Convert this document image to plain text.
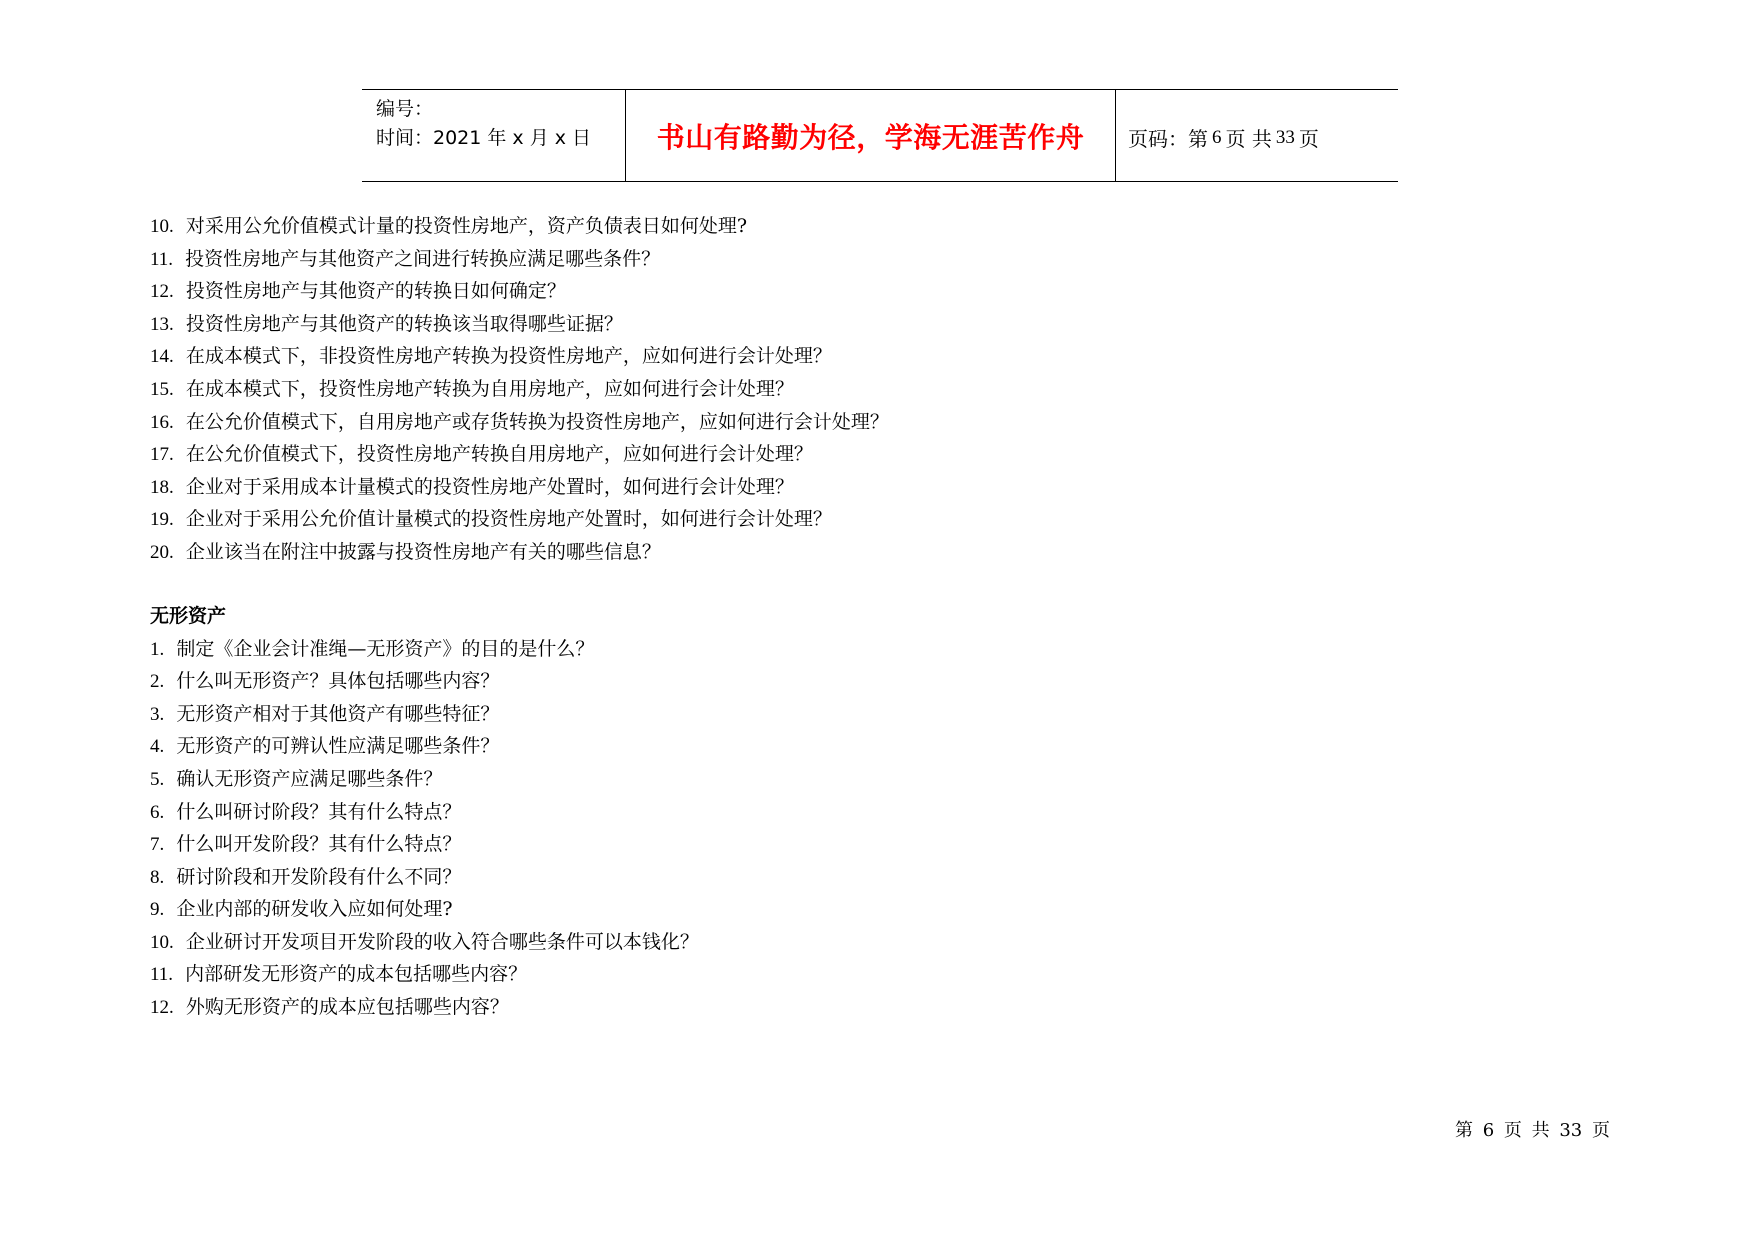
编号：
时间：2021 年 x 月 x 日	书山有路勤为径，学海无涯苦作舟 页码：第 6 页 共 33 页
10. 对采用公允价值模式计量的投资性房地产，资产负债表日如何处理?
11. 投资性房地产与其他资产之间进行转换应满足哪些条件？
12. 投资性房地产与其他资产的转换日如何确定？
13. 投资性房地产与其他资产的转换该当取得哪些证据？
14. 在成本模式下，非投资性房地产转换为投资性房地产，应如何进行会计处理？
15. 在成本模式下，投资性房地产转换为自用房地产，应如何进行会计处理？
16. 在公允价值模式下，自用房地产或存货转换为投资性房地产，应如何进行会计处理？
17. 在公允价值模式下，投资性房地产转换自用房地产，应如何进行会计处理？
18. 企业对于采用成本计量模式的投资性房地产处置时，如何进行会计处理？
19. 企业对于采用公允价值计量模式的投资性房地产处置时，如何进行会计处理？
20. 企业该当在附注中披露与投资性房地产有关的哪些信息？
无形资产
1. 制定《企业会计准绳—无形资产》的目的是什么？
2. 什么叫无形资产？具体包括哪些内容？
3. 无形资产相对于其他资产有哪些特征？
4. 无形资产的可辨认性应满足哪些条件？
5. 确认无形资产应满足哪些条件？
6. 什么叫研讨阶段？其有什么特点？
7. 什么叫开发阶段？其有什么特点？
8. 研讨阶段和开发阶段有什么不同？
9. 企业内部的研发收入应如何处理?
10. 企业研讨开发项目开发阶段的收入符合哪些条件可以本钱化？
11. 内部研发无形资产的成本包括哪些内容？
12. 外购无形资产的成本应包括哪些内容？
第 6 页 共 33 页
